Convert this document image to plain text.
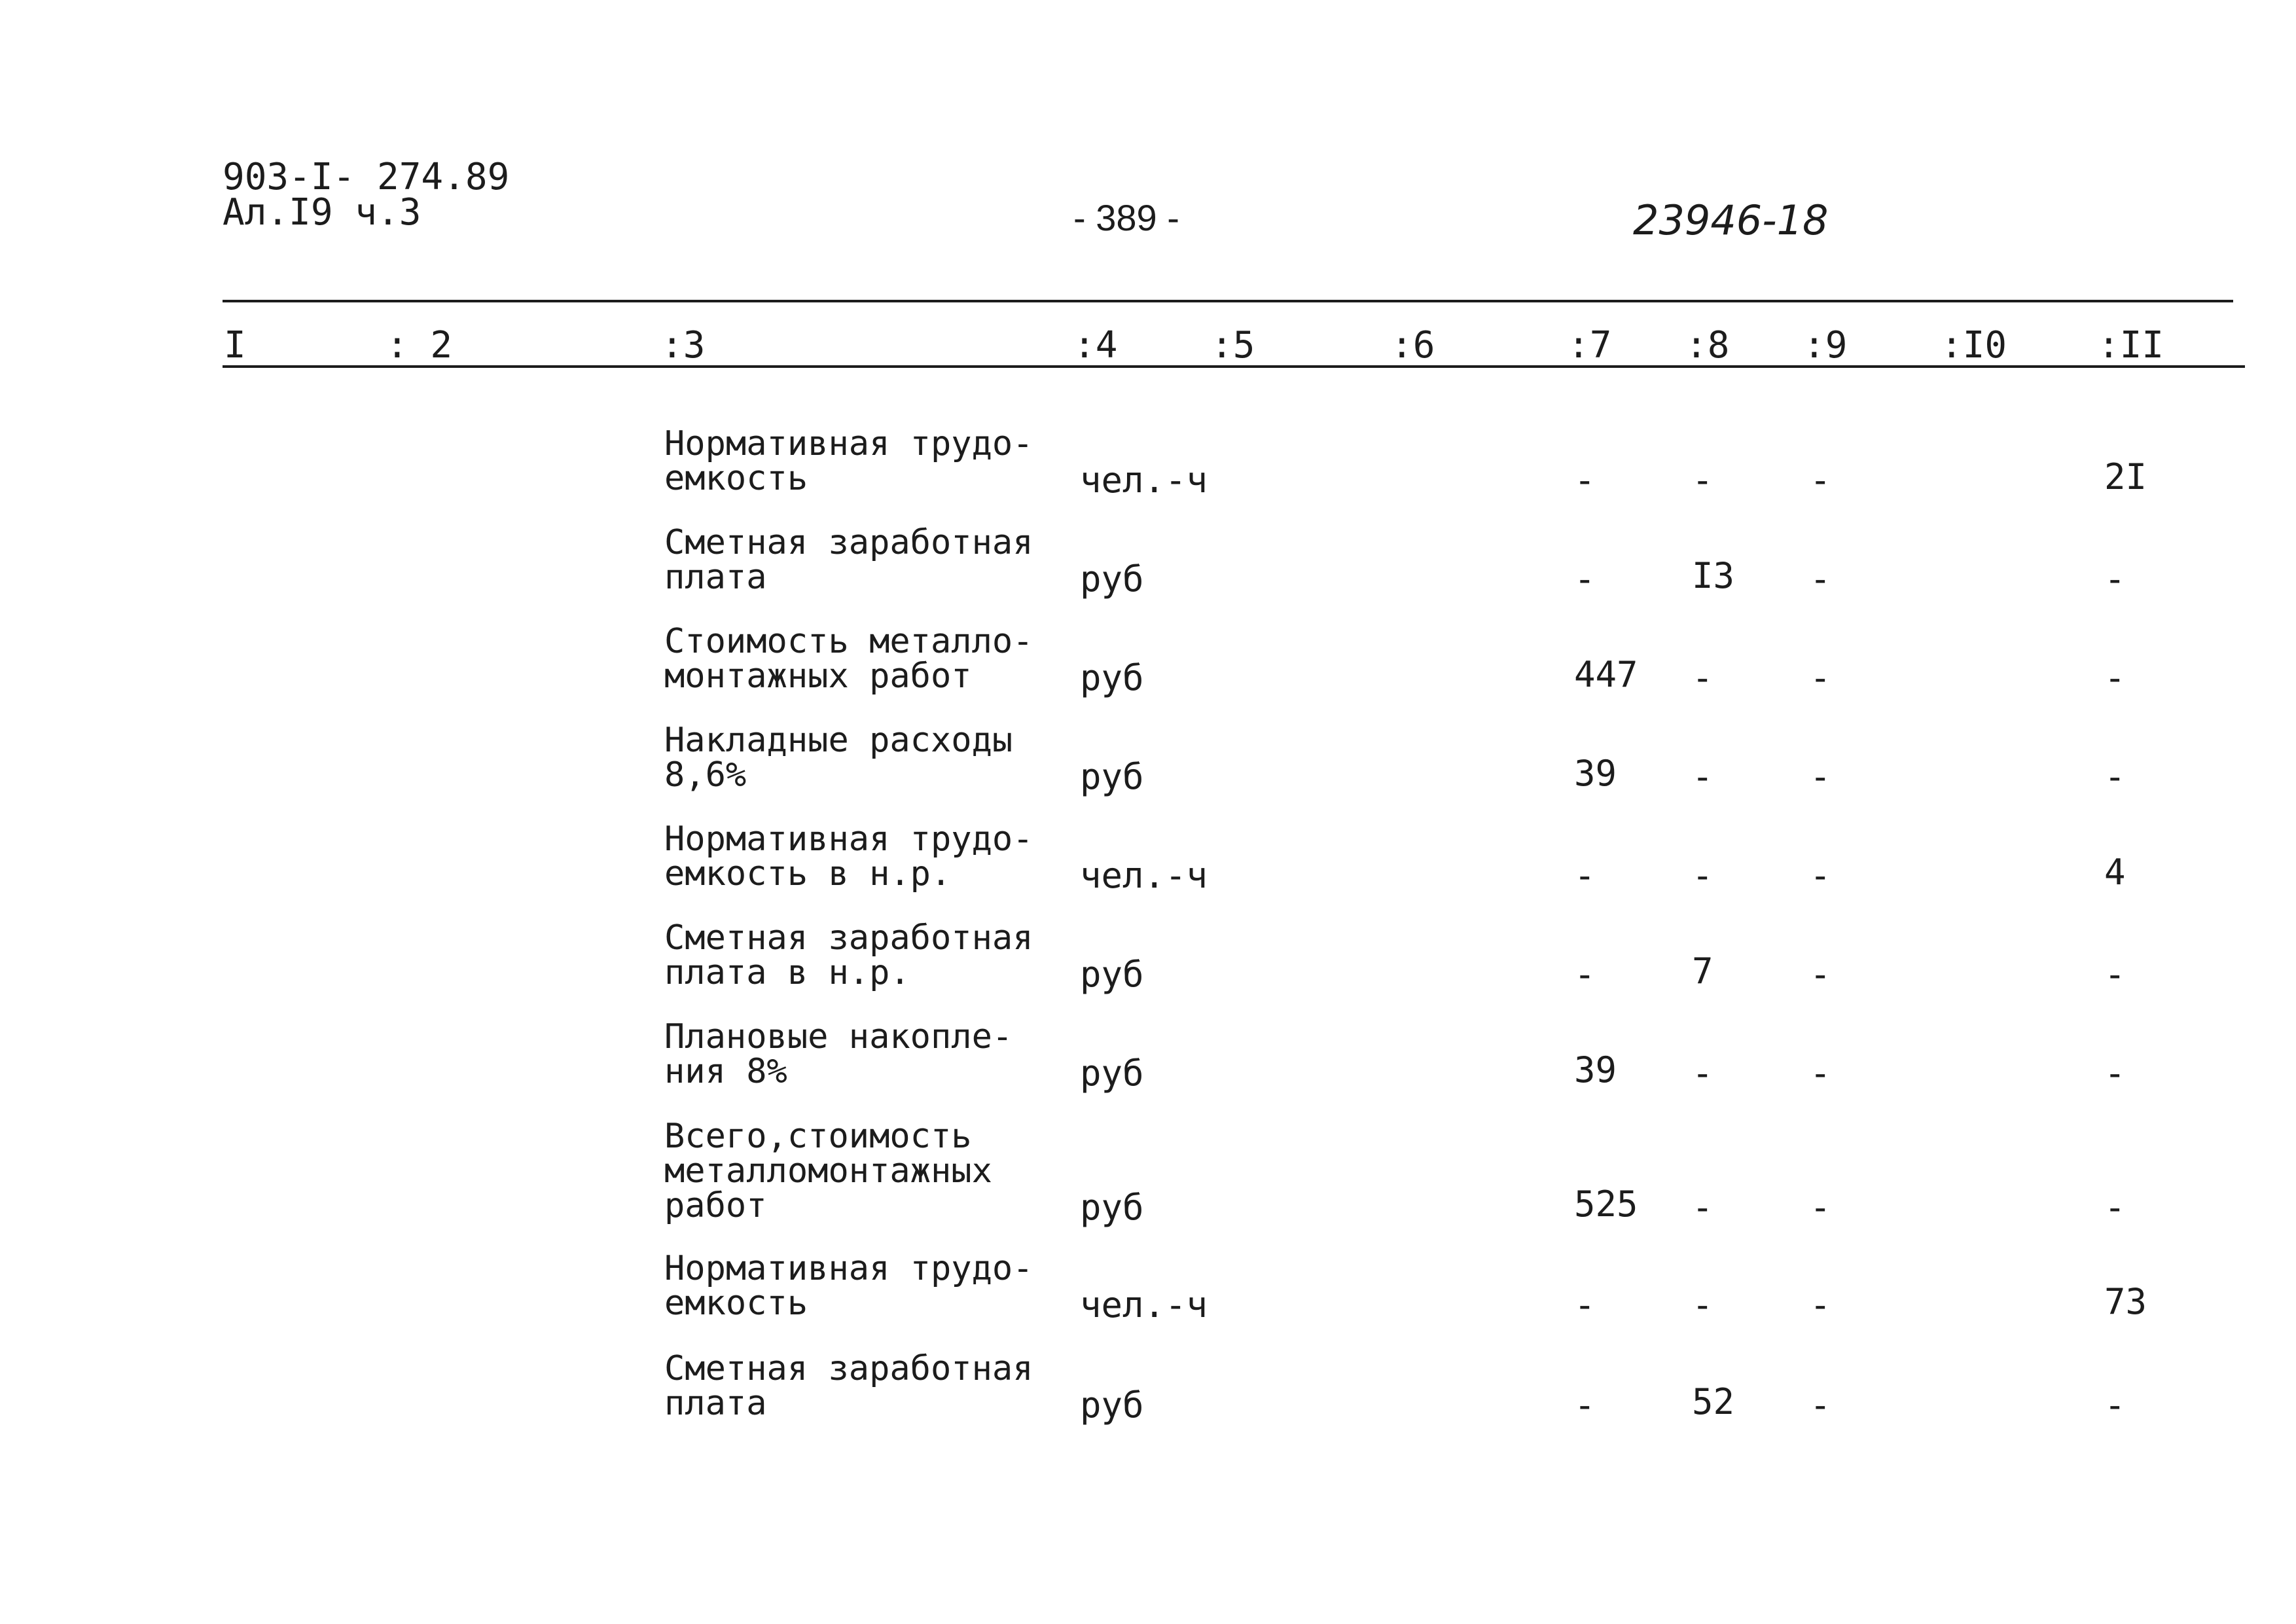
903-I- 274.89
Ал.I9 ч.3	- 389 -	23946-18
I	: 2	:3	:4	:5	:6	:7 :8 :9	:I0 :II
Нормативная трудо-
емкость	чел.-ч	-	-	-	2I
Сметная заработная
плата	руб	-	I3 -	-
Стоимость металло-
монтажных работ	руб	447 -	-	-
Накладные расходы
8,6%	руб	39 -	-	-
Нормативная трудо-
емкость в н.р.	чел.-ч	-	-	-	4
Сметная заработная
плата в н.р.	руб	-	7	-	-
Плановые накопле-
ния 8%	руб	39 -	-	-
Всего,стоимость
металломонтажных
работ	руб	525 -	-	-
Нормативная трудо-
емкость	чел.-ч	-	-	-	73
Сметная заработная
плата	руб	-	52 -	-
